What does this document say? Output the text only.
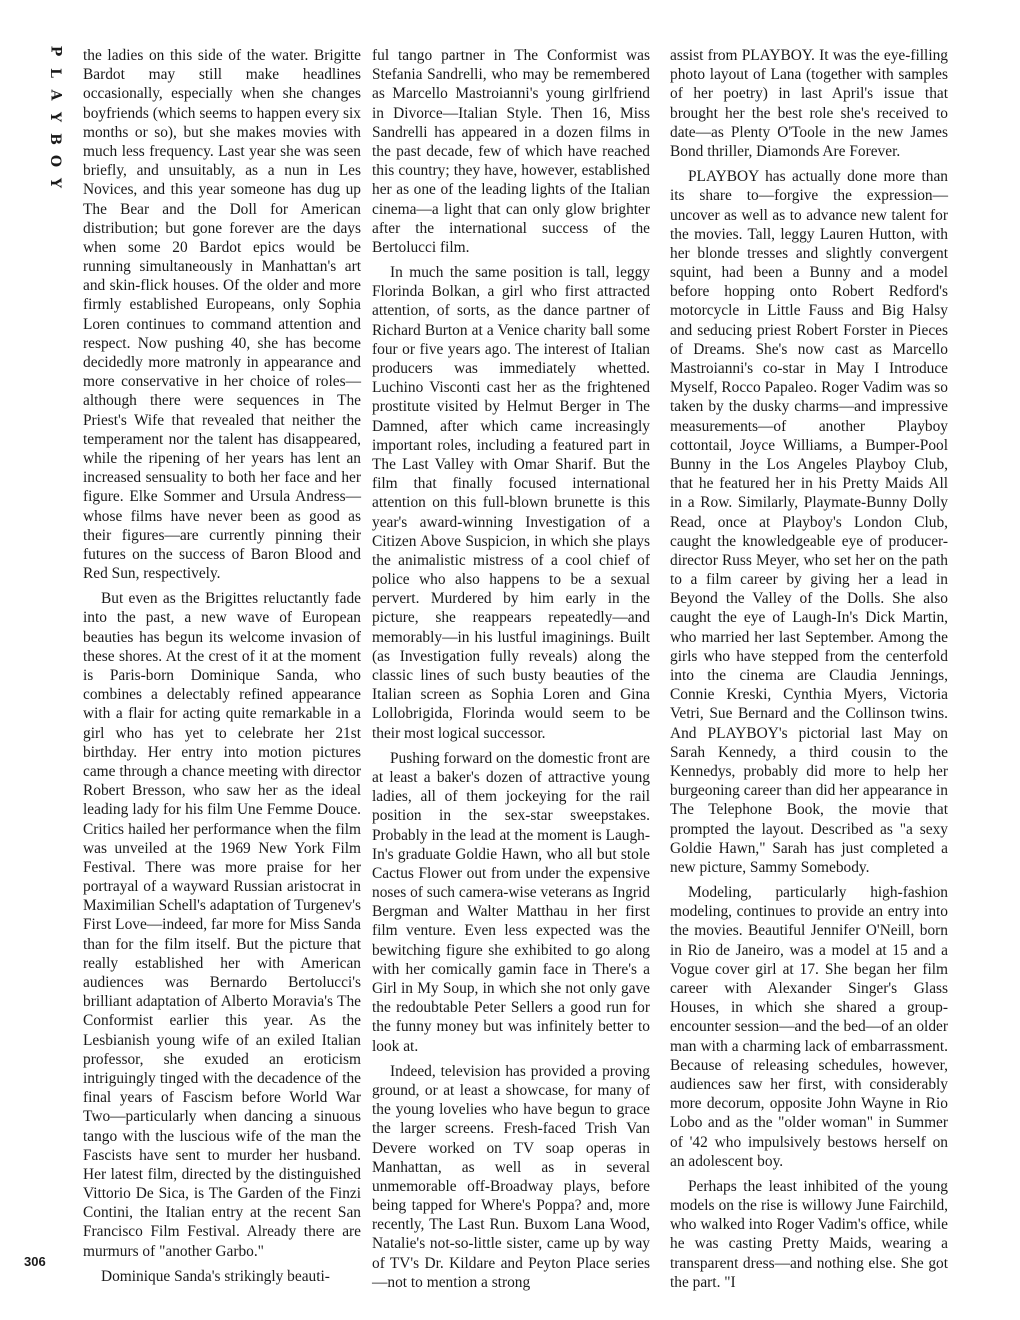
P
L
A
Y
B
O
Y
306

the ladies on this side of the water. Brigitte Bardot may still make headlines occasionally, especially when she changes boyfriends (which seems to happen every six months or so), but she makes movies with much less frequency. Last year she was seen briefly, and unsuitably, as a nun in Les Novices, and this year someone has dug up The Bear and the Doll for American distribution; but gone forever are the days when some 20 Bardot epics would be running simultaneously in Manhattan's art and skin-flick houses. Of the older and more firmly established Europeans, only Sophia Loren continues to command attention and respect. Now pushing 40, she has become decidedly more matronly in appearance and more conservative in her choice of roles—although there were sequences in The Priest's Wife that revealed that neither the temperament nor the talent has disappeared, while the ripening of her years has lent an increased sensuality to both her face and her figure. Elke Sommer and Ursula Andress—whose films have never been as good as their figures—are currently pinning their futures on the success of Baron Blood and Red Sun, respectively.

But even as the Brigittes reluctantly fade into the past, a new wave of European beauties has begun its welcome invasion of these shores. At the crest of it at the moment is Paris-born Dominique Sanda, who combines a delectably refined appearance with a flair for acting quite remarkable in a girl who has yet to celebrate her 21st birthday. Her entry into motion pictures came through a chance meeting with director Robert Bresson, who saw her as the ideal leading lady for his film Une Femme Douce. Critics hailed her performance when the film was unveiled at the 1969 New York Film Festival. There was more praise for her portrayal of a wayward Russian aristocrat in Maximilian Schell's adaptation of Turgenev's First Love—indeed, far more for Miss Sanda than for the film itself. But the picture that really established her with American audiences was Bernardo Bertolucci's brilliant adaptation of Alberto Moravia's The Conformist earlier this year. As the Lesbianish young wife of an exiled Italian professor, she exuded an eroticism intriguingly tinged with the decadence of the final years of Fascism before World War Two—particularly when dancing a sinuous tango with the luscious wife of the man the Fascists have sent to murder her husband. Her latest film, directed by the distinguished Vittorio De Sica, is The Garden of the Finzi Contini, the Italian entry at the recent San Francisco Film Festival. Already there are murmurs of "another Garbo."

Dominique Sanda's strikingly beauti-

ful tango partner in The Conformist was Stefania Sandrelli, who may be remembered as Marcello Mastroianni's young girlfriend in Divorce—Italian Style. Then 16, Miss Sandrelli has appeared in a dozen films in the past decade, few of which have reached this country; they have, however, established her as one of the leading lights of the Italian cinema—a light that can only glow brighter after the international success of the Bertolucci film.

In much the same position is tall, leggy Florinda Bolkan, a girl who first attracted attention, of sorts, as the dance partner of Richard Burton at a Venice charity ball some four or five years ago. The interest of Italian producers was immediately whetted. Luchino Visconti cast her as the frightened prostitute visited by Helmut Berger in The Damned, after which came increasingly important roles, including a featured part in The Last Valley with Omar Sharif. But the film that finally focused international attention on this full-blown brunette is this year's award-winning Investigation of a Citizen Above Suspicion, in which she plays the animalistic mistress of a cool chief of police who also happens to be a sexual pervert. Murdered by him early in the picture, she reappears repeatedly—and memorably—in his lustful imaginings. Built (as Investigation fully reveals) along the classic lines of such busty beauties of the Italian screen as Sophia Loren and Gina Lollobrigida, Florinda would seem to be their most logical successor.

Pushing forward on the domestic front are at least a baker's dozen of attractive young ladies, all of them jockeying for the rail position in the sex-star sweepstakes. Probably in the lead at the moment is Laugh-In's graduate Goldie Hawn, who all but stole Cactus Flower out from under the expensive noses of such camera-wise veterans as Ingrid Bergman and Walter Matthau in her first film venture. Even less expected was the bewitching figure she exhibited to go along with her comically gamin face in There's a Girl in My Soup, in which she not only gave the redoubtable Peter Sellers a good run for the funny money but was infinitely better to look at.

Indeed, television has provided a proving ground, or at least a showcase, for many of the young lovelies who have begun to grace the larger screens. Fresh-faced Trish Van Devere worked on TV soap operas in Manhattan, as well as in several unmemorable off-Broadway plays, before being tapped for Where's Poppa? and, more recently, The Last Run. Buxom Lana Wood, Natalie's not-so-little sister, came up by way of TV's Dr. Kildare and Peyton Place series—not to mention a strong

assist from PLAYBOY. It was the eye-filling photo layout of Lana (together with samples of her poetry) in last April's issue that brought her the best role she's received to date—as Plenty O'Toole in the new James Bond thriller, Diamonds Are Forever.

PLAYBOY has actually done more than its share to—forgive the expression—uncover as well as to advance new talent for the movies. Tall, leggy Lauren Hutton, with her blonde tresses and slightly convergent squint, had been a Bunny and a model before hopping onto Robert Redford's motorcycle in Little Fauss and Big Halsy and seducing priest Robert Forster in Pieces of Dreams. She's now cast as Marcello Mastroianni's co-star in May I Introduce Myself, Rocco Papaleo. Roger Vadim was so taken by the dusky charms—and impressive measurements—of another Playboy cottontail, Joyce Williams, a Bumper-Pool Bunny in the Los Angeles Playboy Club, that he featured her in his Pretty Maids All in a Row. Similarly, Playmate-Bunny Dolly Read, once at Playboy's London Club, caught the knowledgeable eye of producer-director Russ Meyer, who set her on the path to a film career by giving her a lead in Beyond the Valley of the Dolls. She also caught the eye of Laugh-In's Dick Martin, who married her last September. Among the girls who have stepped from the centerfold into the cinema are Claudia Jennings, Connie Kreski, Cynthia Myers, Victoria Vetri, Sue Bernard and the Collinson twins. And PLAYBOY's pictorial last May on Sarah Kennedy, a third cousin to the Kennedys, probably did more to help her burgeoning career than did her appearance in The Telephone Book, the movie that prompted the layout. Described as "a sexy Goldie Hawn," Sarah has just completed a new picture, Sammy Somebody.

Modeling, particularly high-fashion modeling, continues to provide an entry into the movies. Beautiful Jennifer O'Neill, born in Rio de Janeiro, was a model at 15 and a Vogue cover girl at 17. She began her film career with Alexander Singer's Glass Houses, in which she shared a group-encounter session—and the bed—of an older man with a charming lack of embarrassment. Because of releasing schedules, however, audiences saw her first, with considerably more decorum, opposite John Wayne in Rio Lobo and as the "older woman" in Summer of '42 who impulsively bestows herself on an adolescent boy.

Perhaps the least inhibited of the young models on the rise is willowy June Fairchild, who walked into Roger Vadim's office, while he was casting Pretty Maids, wearing a transparent dress—and nothing else. She got the part. "I
